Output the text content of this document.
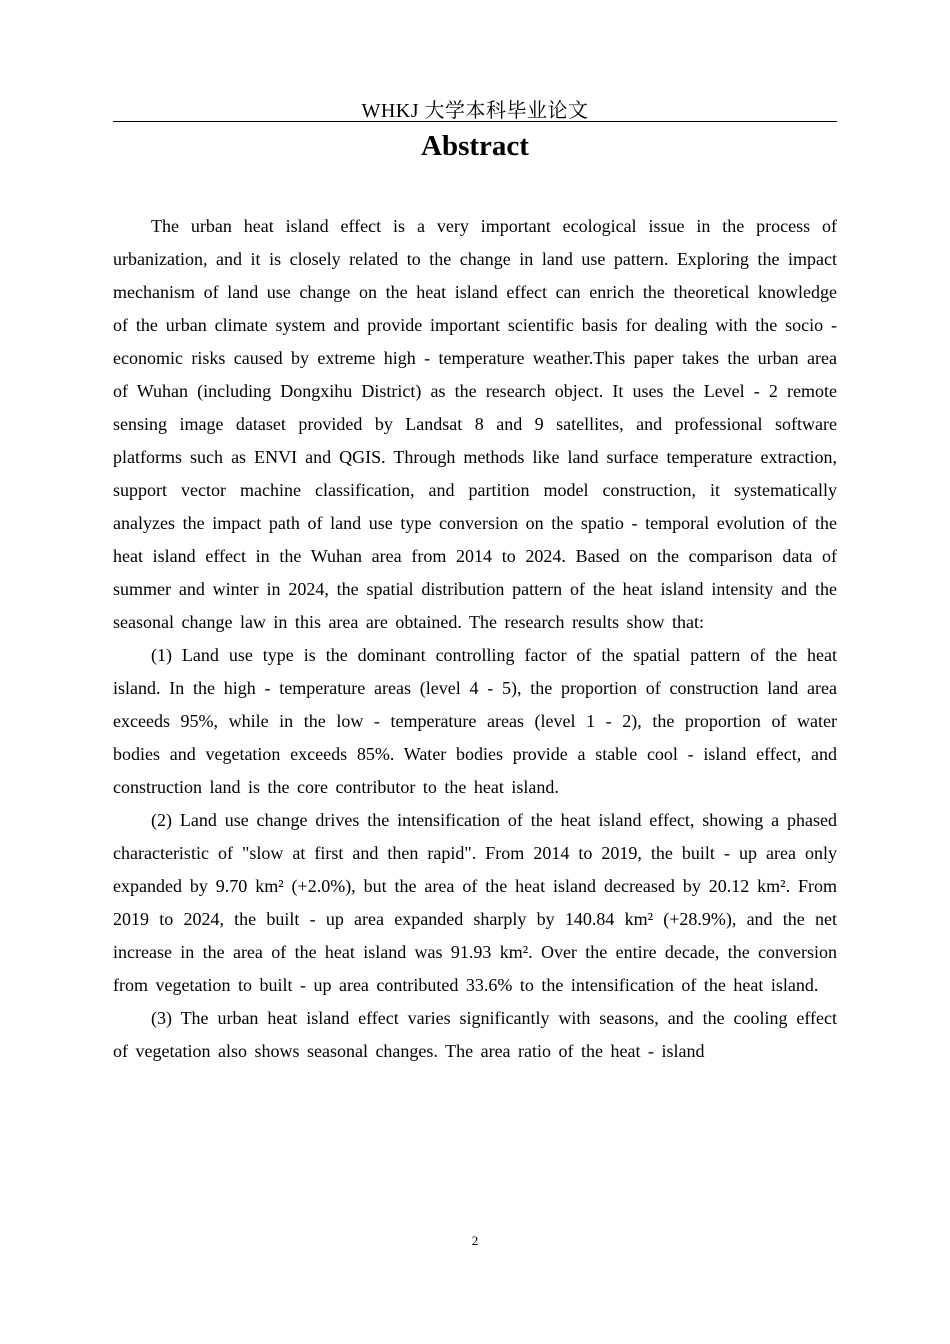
WHKJ 大学本科毕业论文
Abstract

The urban heat island effect is a very important ecological issue in the process of urbanization, and it is closely related to the change in land use pattern. Exploring the impact mechanism of land use change on the heat island effect can enrich the theoretical knowledge of the urban climate system and provide important scientific basis for dealing with the socio - economic risks caused by extreme high - temperature weather.This paper takes the urban area of Wuhan (including Dongxihu District) as the research object. It uses the Level - 2 remote sensing image dataset provided by Landsat 8 and 9 satellites, and professional software platforms such as ENVI and QGIS. Through methods like land surface temperature extraction, support vector machine classification, and partition model construction, it systematically analyzes the impact path of land use type conversion on the spatio - temporal evolution of the heat island effect in the Wuhan area from 2014 to 2024. Based on the comparison data of summer and winter in 2024, the spatial distribution pattern of the heat island intensity and the seasonal change law in this area are obtained. The research results show that:

(1) Land use type is the dominant controlling factor of the spatial pattern of the heat island. In the high - temperature areas (level 4 - 5), the proportion of construction land area exceeds 95%, while in the low - temperature areas (level 1 - 2), the proportion of water bodies and vegetation exceeds 85%. Water bodies provide a stable cool - island effect, and construction land is the core contributor to the heat island.

(2) Land use change drives the intensification of the heat island effect, showing a phased characteristic of "slow at first and then rapid". From 2014 to 2019, the built - up area only expanded by 9.70 km² (+2.0%), but the area of the heat island decreased by 20.12 km². From 2019 to 2024, the built - up area expanded sharply by 140.84 km² (+28.9%), and the net increase in the area of the heat island was 91.93 km². Over the entire decade, the conversion from vegetation to built - up area contributed 33.6% to the intensification of the heat island.

(3) The urban heat island effect varies significantly with seasons, and the cooling effect of vegetation also shows seasonal changes. The area ratio of the heat - island

2
